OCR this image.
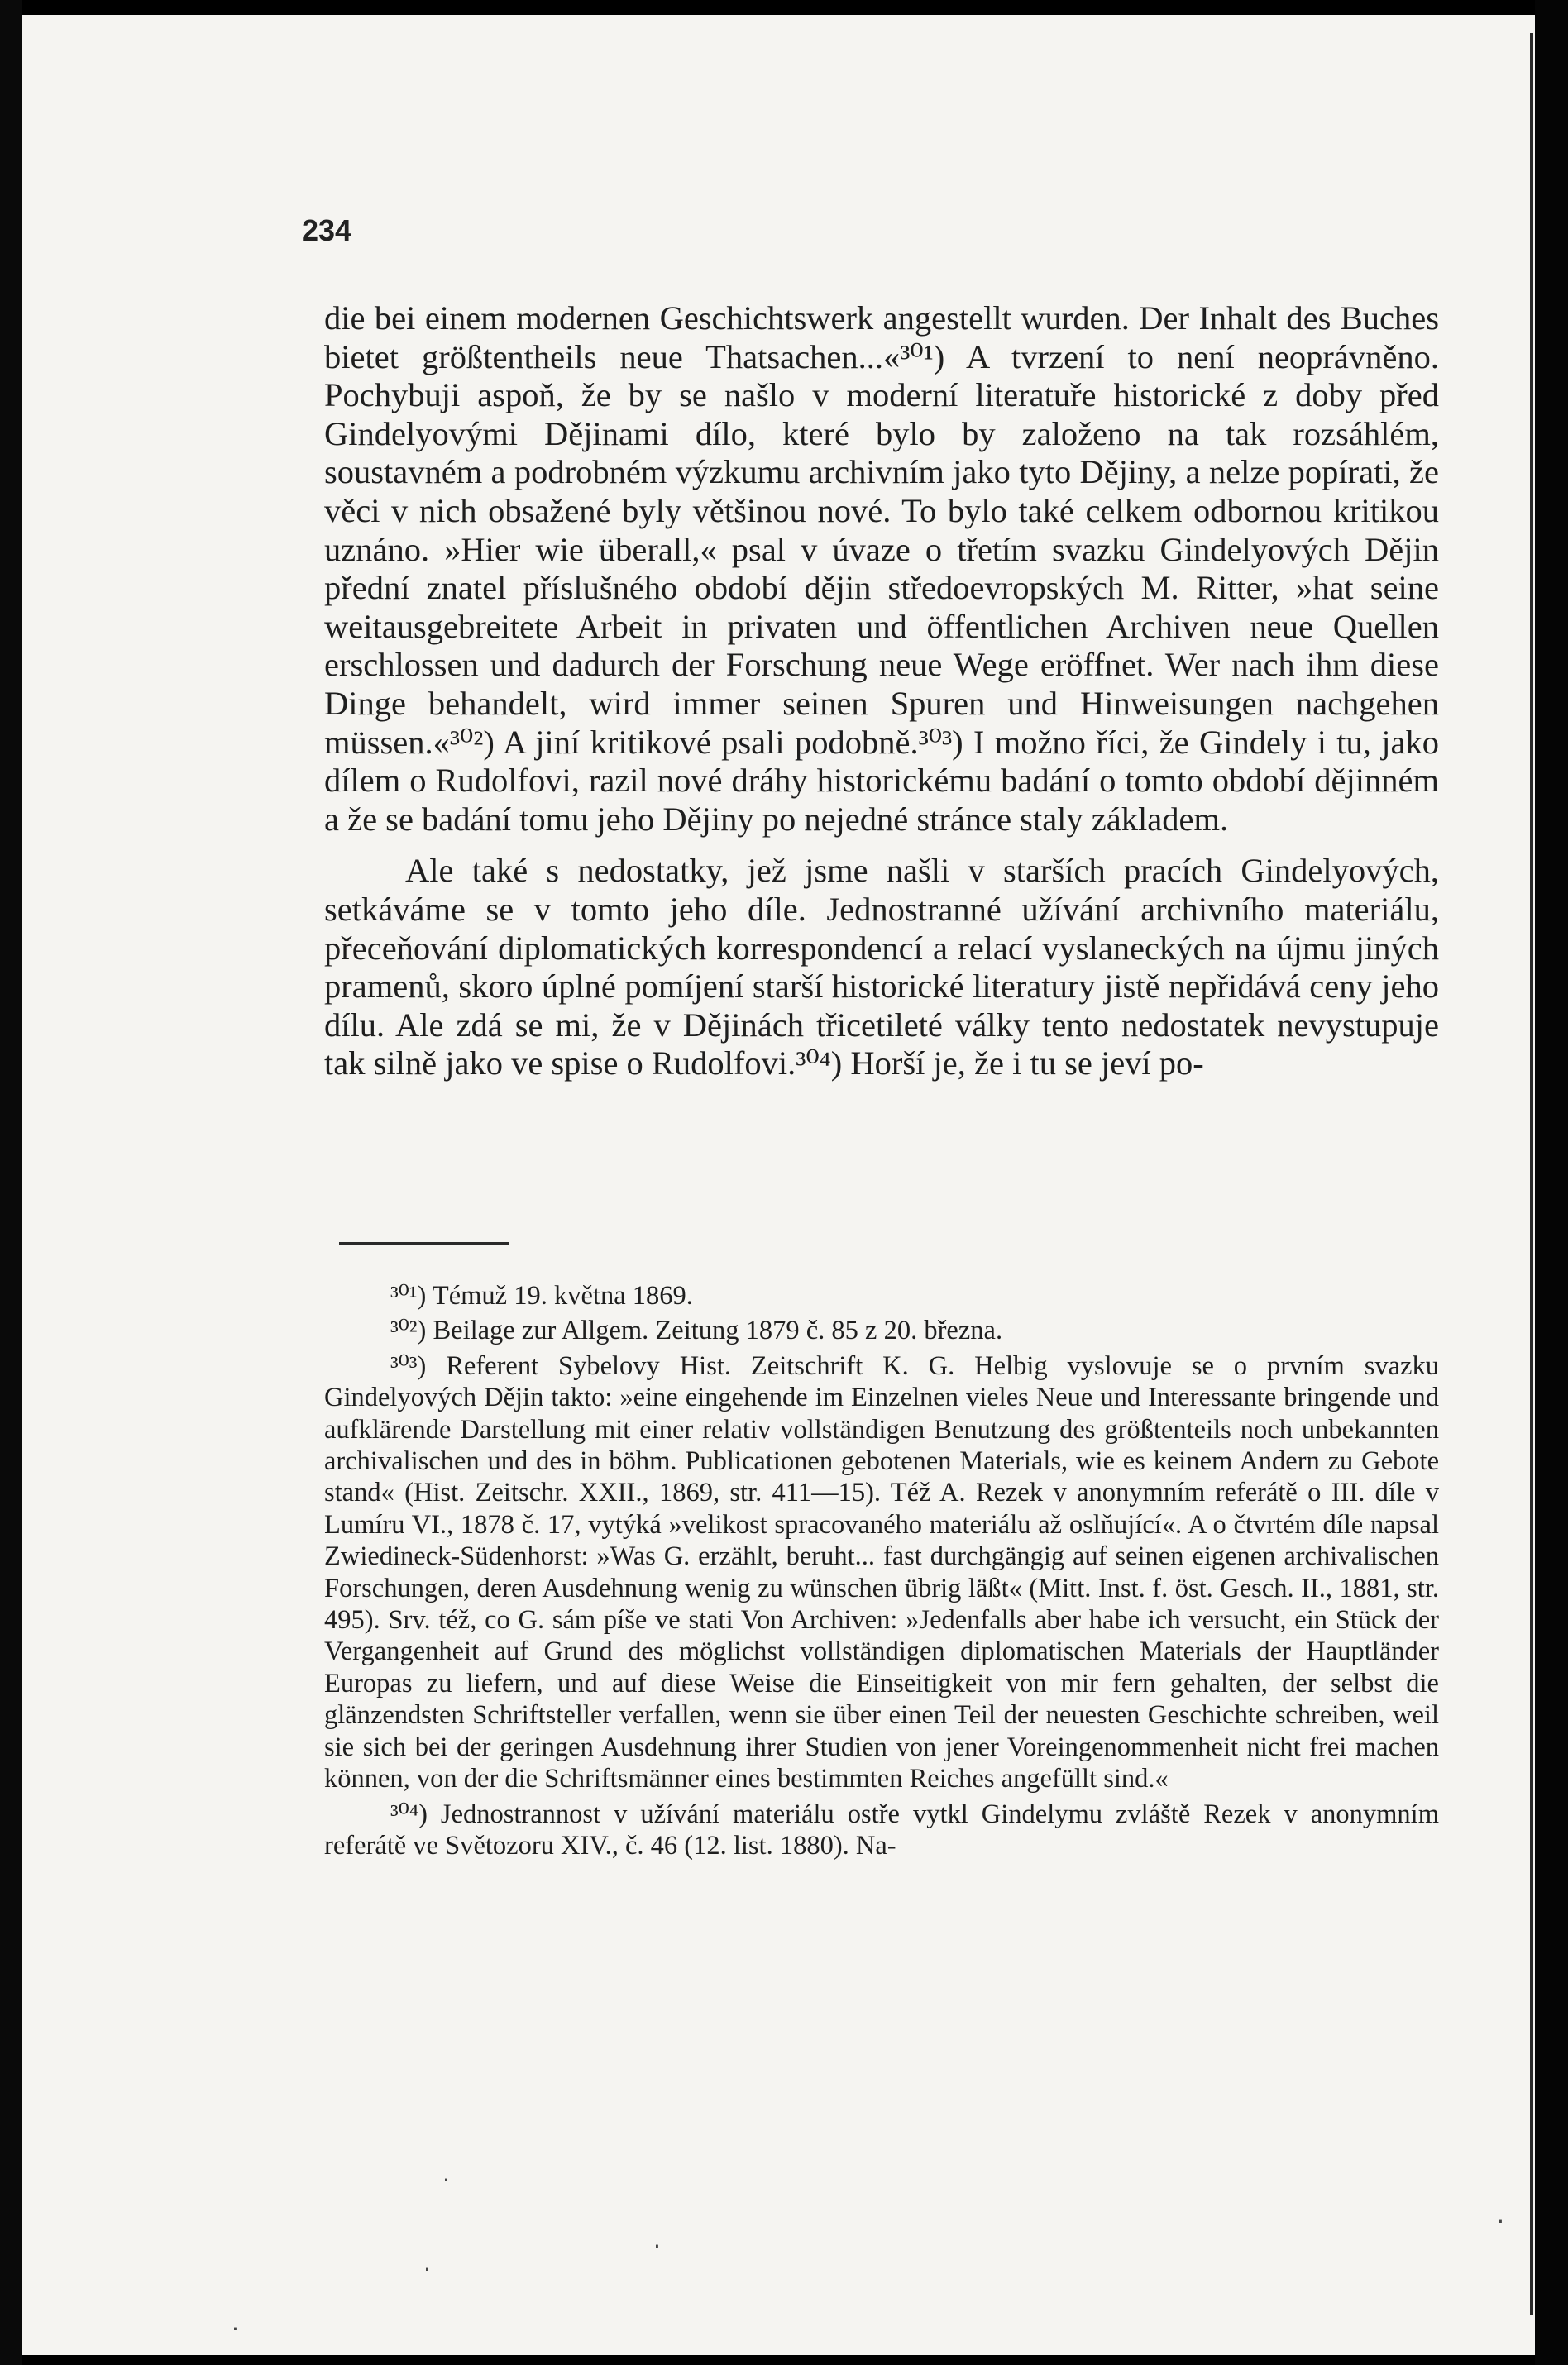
234

die bei einem modernen Geschichtswerk angestellt wurden. Der Inhalt des Buches bietet größtentheils neue Thatsachen...«³⁰¹) A tvrzení to není neoprávněno. Pochybuji aspoň, že by se našlo v moderní literatuře historické z doby před Gindelyovými Dějinami dílo, které bylo by založeno na tak rozsáhlém, soustavném a podrobném výzkumu archivním jako tyto Dějiny, a nelze popírati, že věci v nich obsažené byly většinou nové. To bylo také celkem odbornou kritikou uznáno. »Hier wie überall,« psal v úvaze o třetím svazku Gindelyových Dějin přední znatel příslušného období dějin středoevropských M. Ritter, »hat seine weitausgebreitete Arbeit in privaten und öffentlichen Archiven neue Quellen erschlossen und dadurch der Forschung neue Wege eröffnet. Wer nach ihm diese Dinge behandelt, wird immer seinen Spuren und Hinweisungen nachgehen müssen.«³⁰²) A jiní kritikové psali podobně.³⁰³) I možno říci, že Gindely i tu, jako dílem o Rudolfovi, razil nové dráhy historickému badání o tomto období dějinném a že se badání tomu jeho Dějiny po nejedné stránce staly základem.

Ale také s nedostatky, jež jsme našli v starších pracích Gindelyových, setkáváme se v tomto jeho díle. Jednostranné užívání archivního materiálu, přeceňování diplomatických korrespondencí a relací vyslaneckých na újmu jiných pramenů, skoro úplné pomíjení starší historické literatury jistě nepřidává ceny jeho dílu. Ale zdá se mi, že v Dějinách třicetileté války tento nedostatek nevystupuje tak silně jako ve spise o Rudolfovi.³⁰⁴) Horší je, že i tu se jeví po-

³⁰¹) Témuž 19. května 1869.

³⁰²) Beilage zur Allgem. Zeitung 1879 č. 85 z 20. března.

³⁰³) Referent Sybelovy Hist. Zeitschrift K. G. Helbig vyslovuje se o prvním svazku Gindelyových Dějin takto: »eine eingehende im Einzelnen vieles Neue und Interessante bringende und aufklärende Darstellung mit einer relativ vollständigen Benutzung des größtenteils noch unbekannten archivalischen und des in böhm. Publicationen gebotenen Materials, wie es keinem Andern zu Gebote stand« (Hist. Zeitschr. XXII., 1869, str. 411—15). Též A. Rezek v anonymním referátě o III. díle v Lumíru VI., 1878 č. 17, vytýká »velikost spracovaného materiálu až oslňující«. A o čtvrtém díle napsal Zwiedineck-Südenhorst: »Was G. erzählt, beruht... fast durchgängig auf seinen eigenen archivalischen Forschungen, deren Ausdehnung wenig zu wünschen übrig läßt« (Mitt. Inst. f. öst. Gesch. II., 1881, str. 495). Srv. též, co G. sám píše ve stati Von Archiven: »Jedenfalls aber habe ich versucht, ein Stück der Vergangenheit auf Grund des möglichst vollständigen diplomatischen Materials der Hauptländer Europas zu liefern, und auf diese Weise die Einseitigkeit von mir fern gehalten, der selbst die glänzendsten Schriftsteller verfallen, wenn sie über einen Teil der neuesten Geschichte schreiben, weil sie sich bei der geringen Ausdehnung ihrer Studien von jener Voreingenommenheit nicht frei machen können, von der die Schriftsmänner eines bestimmten Reiches angefüllt sind.«

³⁰⁴) Jednostrannost v užívání materiálu ostře vytkl Gindelymu zvláště Rezek v anonymním referátě ve Světozoru XIV., č. 46 (12. list. 1880). Na-

·
·
·
·
·
